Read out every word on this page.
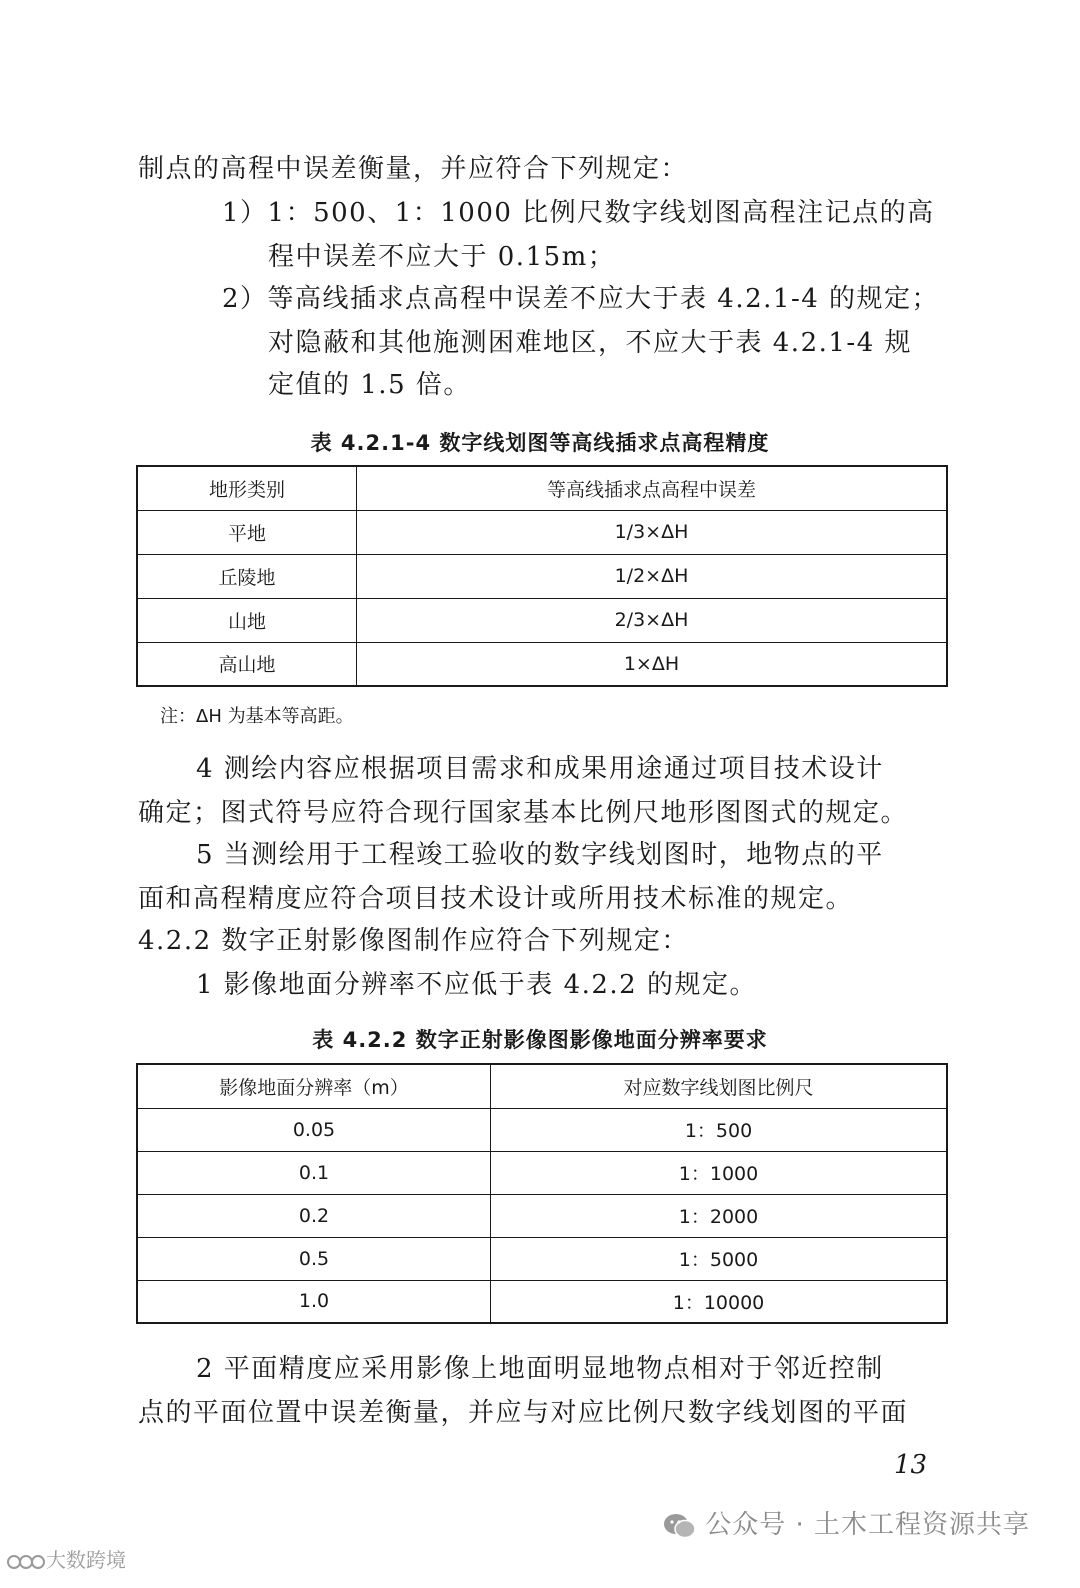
制点的高程中误差衡量，并应符合下列规定：
1）1：500、1：1000 比例尺数字线划图高程注记点的高
程中误差不应大于 0.15m；
2）等高线插求点高程中误差不应大于表 4.2.1-4 的规定；
对隐蔽和其他施测困难地区，不应大于表 4.2.1-4 规
定值的 1.5 倍。
表 4.2.1-4 数字线划图等高线插求点高程精度
地形类别	等高线插求点高程中误差
平地	1/3×ΔH
丘陵地	1/2×ΔH
山地	2/3×ΔH
高山地	1×ΔH
注：ΔH 为基本等高距。
4 测绘内容应根据项目需求和成果用途通过项目技术设计
确定；图式符号应符合现行国家基本比例尺地形图图式的规定。
5 当测绘用于工程竣工验收的数字线划图时，地物点的平
面和高程精度应符合项目技术设计或所用技术标准的规定。
4.2.2 数字正射影像图制作应符合下列规定：
1 影像地面分辨率不应低于表 4.2.2 的规定。
表 4.2.2 数字正射影像图影像地面分辨率要求
影像地面分辨率（m）	对应数字线划图比例尺
0.05	1：500
0.1	1：1000
0.2	1：2000
0.5	1：5000
1.0	1：10000
2 平面精度应采用影像上地面明显地物点相对于邻近控制
点的平面位置中误差衡量，并应与对应比例尺数字线划图的平面
13
公众号 · 土木工程资源共享
大数跨境
